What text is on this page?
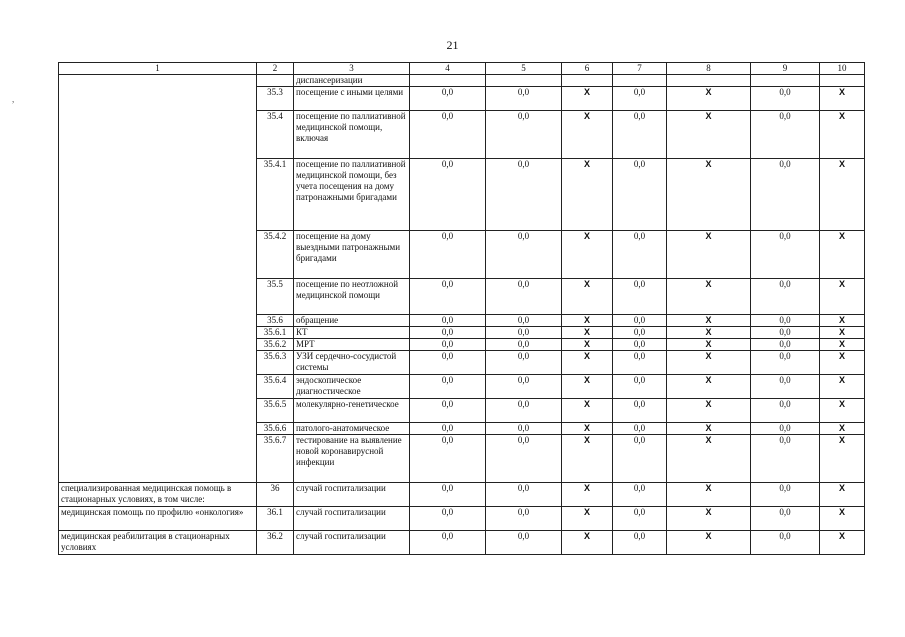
21
,
1	2	3	4	5	6	7	8	9	10
		диспансеризации							
	35.3	посещение с иными целями	0,0	0,0	X	0,0	X	0,0	X
	35.4	посещение по паллиативной медицинской помощи, включая	0,0	0,0	X	0,0	X	0,0	X
	35.4.1	посещение по паллиативной медицинской помощи, без учета посещения на дому патронажными бригадами	0,0	0,0	X	0,0	X	0,0	X
	35.4.2	посещение на дому выездными патронажными бригадами	0,0	0,0	X	0,0	X	0,0	X
	35.5	посещение по неотложной медицинской помощи	0,0	0,0	X	0,0	X	0,0	X
	35.6	обращение	0,0	0,0	X	0,0	X	0,0	X
	35.6.1	КТ	0,0	0,0	X	0,0	X	0,0	X
	35.6.2	МРТ	0,0	0,0	X	0,0	X	0,0	X
	35.6.3	УЗИ сердечно-сосудистой системы	0,0	0,0	X	0,0	X	0,0	X
	35.6.4	эндоскопическое диагностическое	0,0	0,0	X	0,0	X	0,0	X
	35.6.5	молекулярно-генетическое	0,0	0,0	X	0,0	X	0,0	X
	35.6.6	патолого-анатомическое	0,0	0,0	X	0,0	X	0,0	X
	35.6.7	тестирование на выявление новой коронавирусной инфекции	0,0	0,0	X	0,0	X	0,0	X
специализированная медицинская помощь в стационарных условиях, в том числе:	36	случай госпитализации	0,0	0,0	X	0,0	X	0,0	X
медицинская помощь по профилю «онкология»	36.1	случай госпитализации	0,0	0,0	X	0,0	X	0,0	X
медицинская реабилитация в стационарных условиях	36.2	случай госпитализации	0,0	0,0	X	0,0	X	0,0	X
